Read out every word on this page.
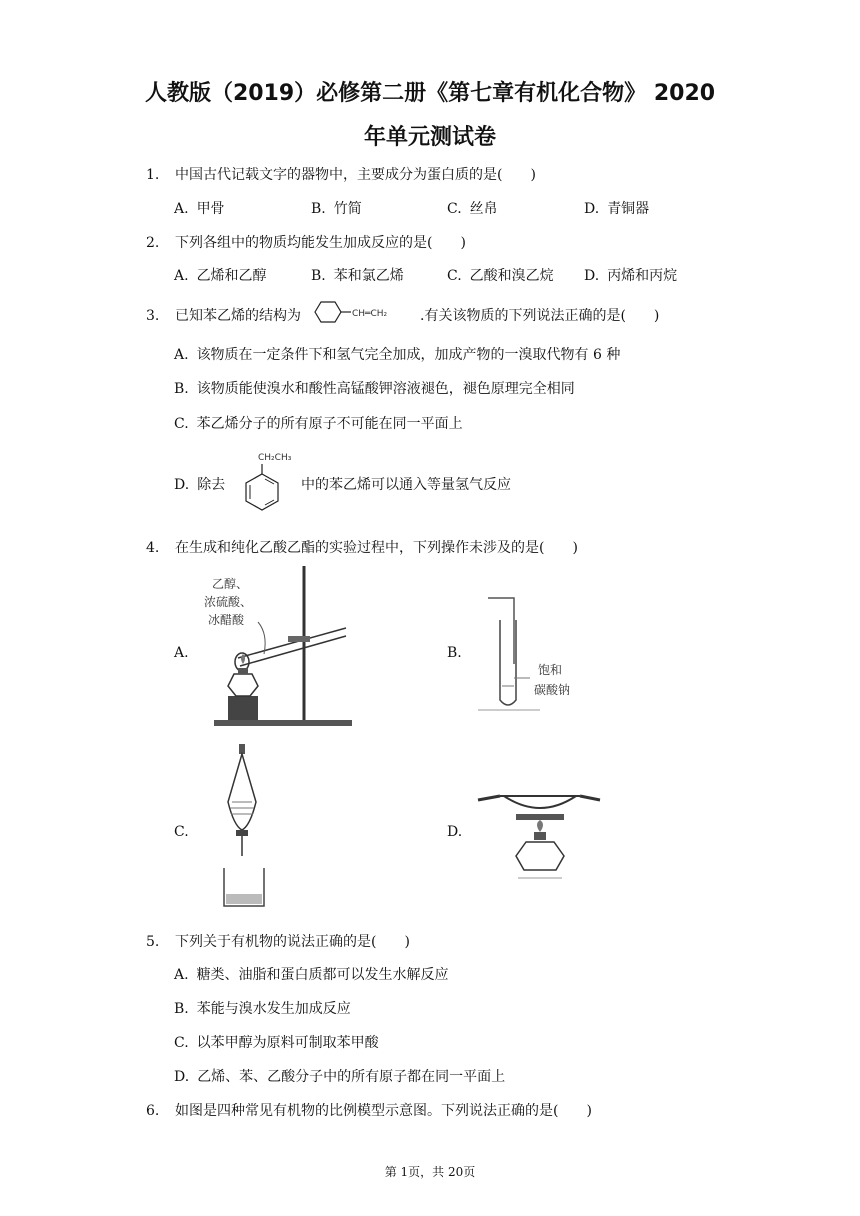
人教版（2019）必修第二册《第七章有机化合物》 2020
年单元测试卷
1. 中国古代记载文字的器物中，主要成分为蛋白质的是(　　)
A. 甲骨	B. 竹简	C. 丝帛	D. 青铜器
2. 下列各组中的物质均能发生加成反应的是(　　)
A. 乙烯和乙醇	B. 苯和氯乙烯	C. 乙酸和溴乙烷 D. 丙烯和丙烷
3. 已知苯乙烯的结构为	CH═CH₂ .有关该物质的下列说法正确的是(　　)
A. 该物质在一定条件下和氢气完全加成，加成产物的一溴取代物有 6 种
B. 该物质能使溴水和酸性高锰酸钾溶液褪色，褪色原理完全相同
C. 苯乙烯分子的所有原子不可能在同一平面上
D. 除去
CH₂CH₃
中的苯乙烯可以通入等量氢气反应
4. 在生成和纯化乙酸乙酯的实验过程中，下列操作未涉及的是(　　)
A.
乙醇、
浓硫酸、
冰醋酸
B.
饱和
碳酸钠
C.	D.
5. 下列关于有机物的说法正确的是(　　)
A. 糖类、油脂和蛋白质都可以发生水解反应
B. 苯能与溴水发生加成反应
C. 以苯甲醇为原料可制取苯甲酸
D. 乙烯、苯、乙酸分子中的所有原子都在同一平面上
6. 如图是四种常见有机物的比例模型示意图。下列说法正确的是(　　)
第 1页，共 20页
